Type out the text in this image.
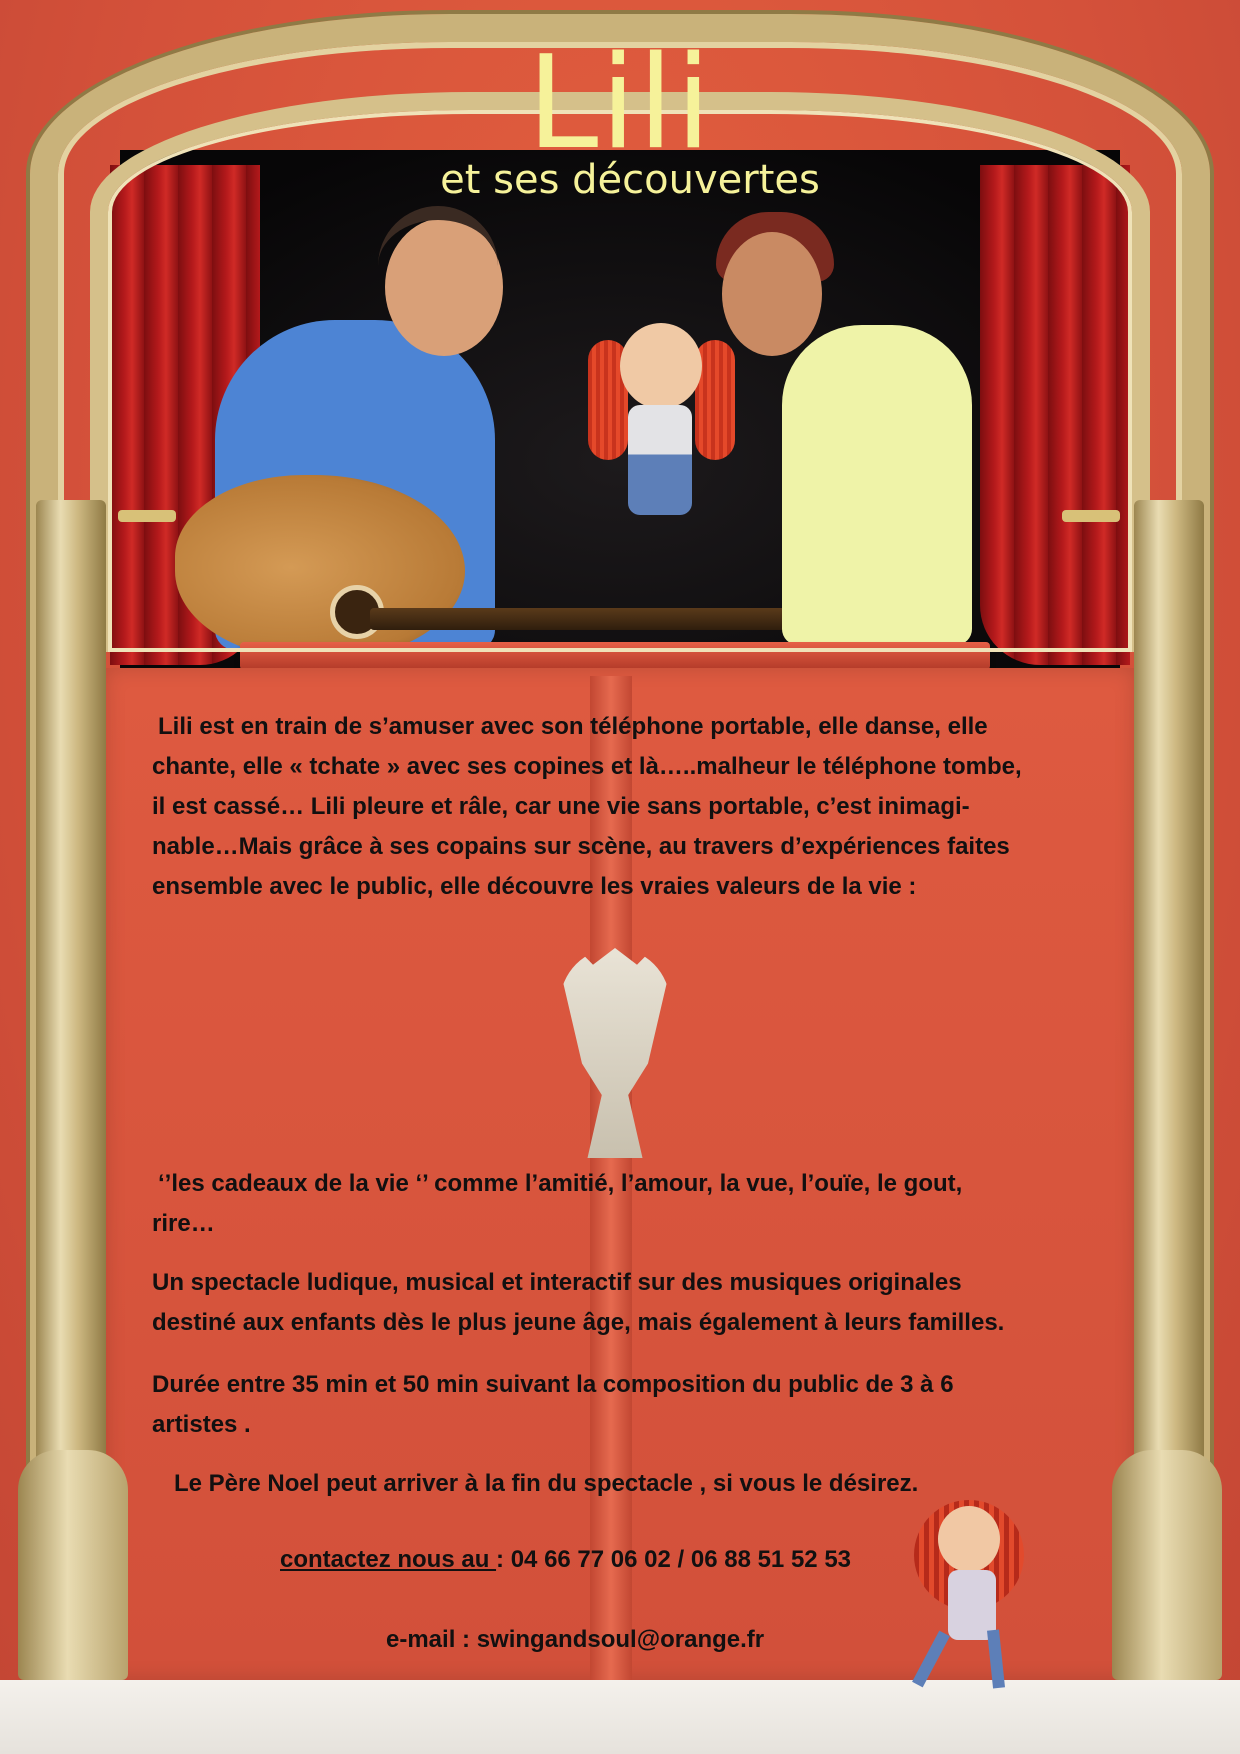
Lili
et ses découvertes
Lili est en train de s’amuser avec son téléphone portable, elle danse, elle
chante, elle « tchate » avec ses copines et là…..malheur le téléphone tombe,
il est cassé… Lili pleure et râle, car une vie sans portable, c’est inimagi-
nable…Mais grâce à ses copains sur scène, au travers d’expériences faites
ensemble avec le public, elle découvre les vraies valeurs de la vie :
‘’les cadeaux de la vie ‘’ comme l’amitié, l’amour, la vue, l’ouïe, le gout,
rire…
Un spectacle ludique, musical et interactif sur des musiques originales
destiné aux enfants dès le plus jeune âge, mais également à leurs familles.
Durée entre 35 min et 50 min suivant la composition du public de 3 à 6
artistes .
Le Père Noel peut arriver à la fin du spectacle , si vous le désirez.
contactez nous au : 04 66 77 06 02 / 06 88 51 52 53
e-mail : swingandsoul@orange.fr
